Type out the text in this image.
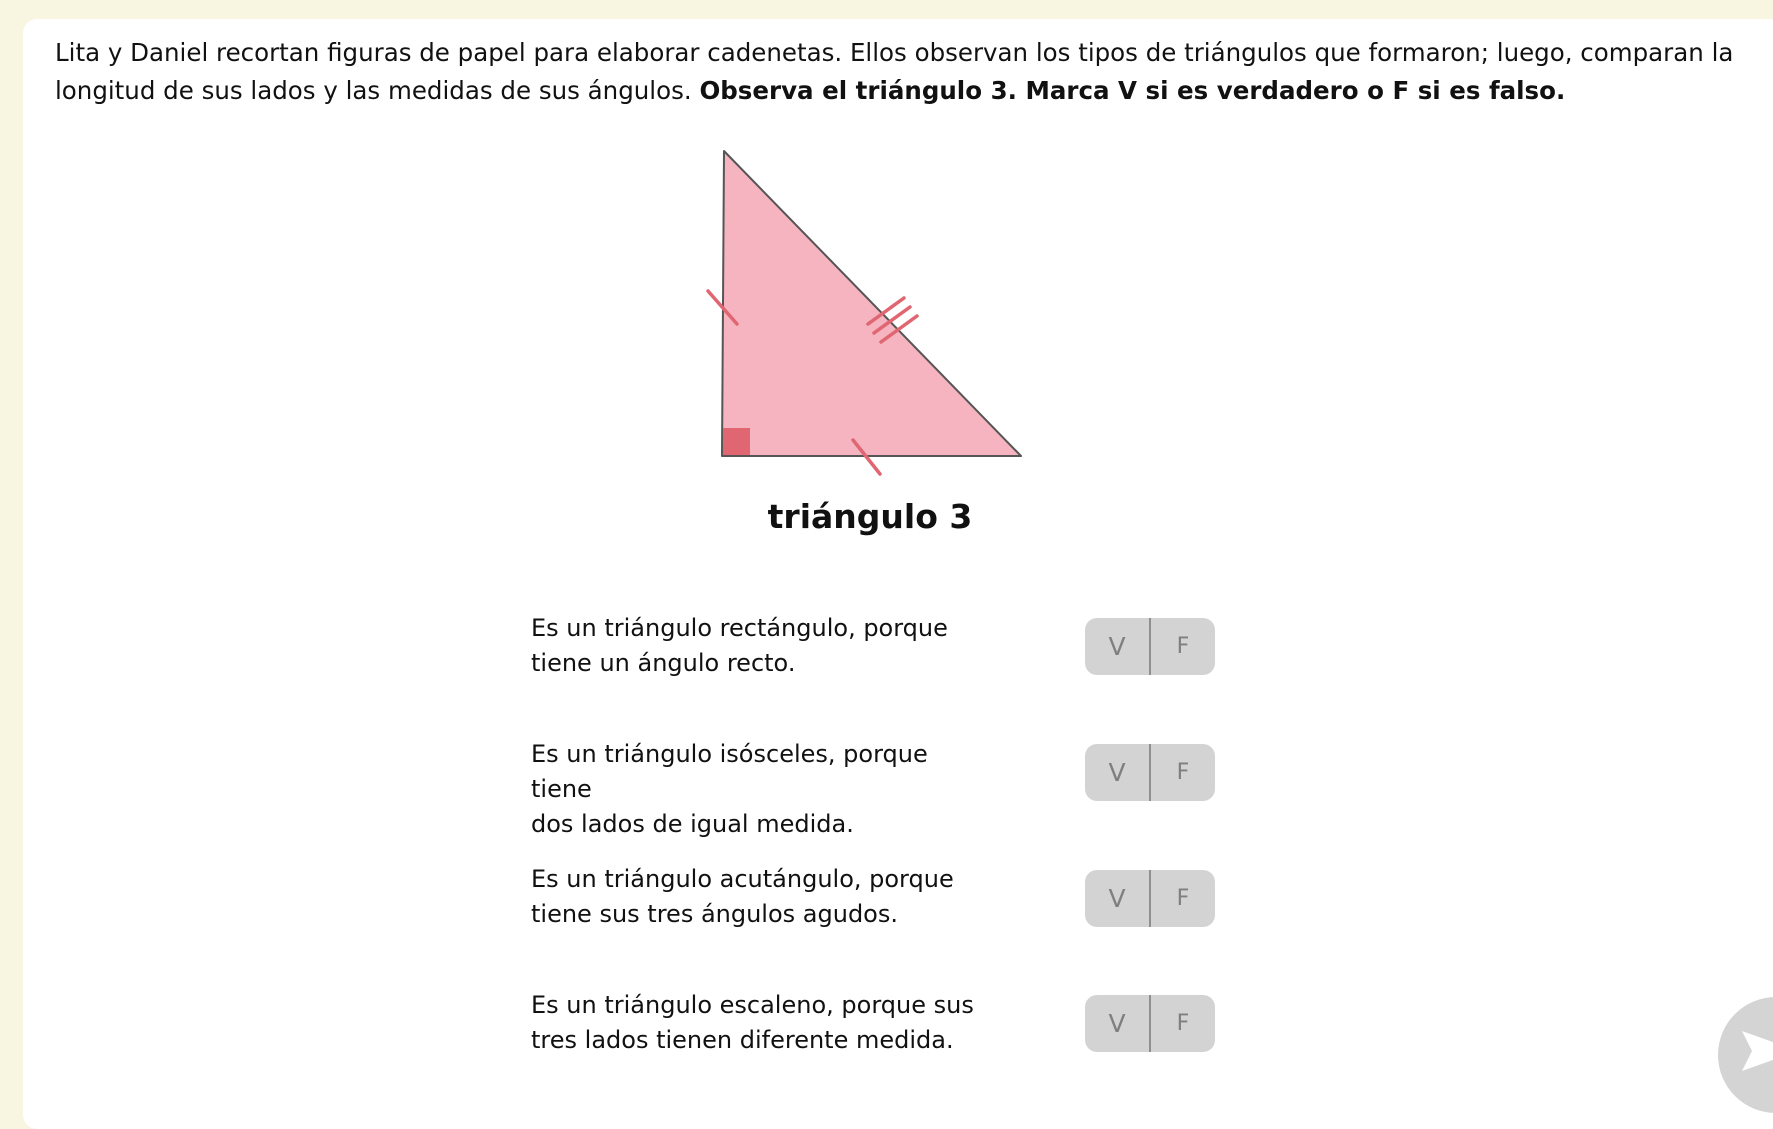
Lita y Daniel recortan figuras de papel para elaborar cadenetas. Ellos observan los tipos de triángulos que formaron; luego, comparan la
longitud de sus lados y las medidas de sus ángulos. Observa el triángulo 3. Marca V si es verdadero o F si es falso.
triángulo 3
Es un triángulo rectángulo, porque
tiene un ángulo recto.
V	F
Es un triángulo isósceles, porque tiene
dos lados de igual medida.
V	F
Es un triángulo acutángulo, porque
tiene sus tres ángulos agudos.
V	F
Es un triángulo escaleno, porque sus
tres lados tienen diferente medida.
V	F
